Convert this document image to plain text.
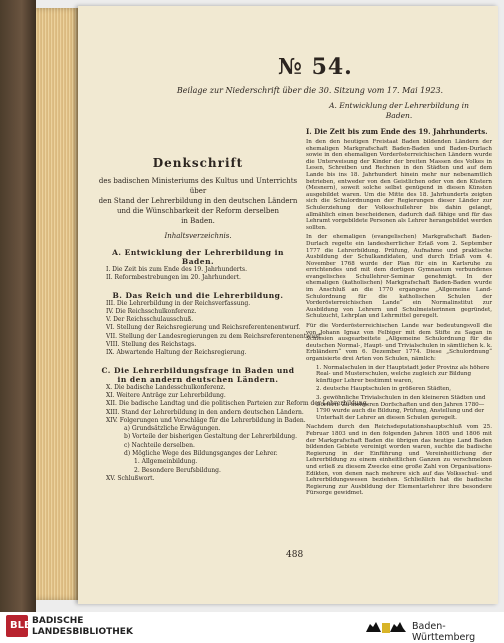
№ 54.
Beilage zur Niederschrift über die 30. Sitzung vom 17. Mai 1923.
Denkschrift
des badischen Ministeriums des Kultus und Unterrichts
über
den Stand der Lehrerbildung in den deutschen Ländern
und die Wünschbarkeit der Reform derselben
in Baden.
Inhaltsverzeichnis.
A. Entwicklung der Lehrerbildung in Baden.
I. Die Zeit bis zum Ende des 19. Jahrhunderts.
II. Reformbestrebungen im 20. Jahrhundert.
B. Das Reich und die Lehrerbildung.
III. Die Lehrerbildung in der Reichsverfassung.
IV. Die Reichsschulkonferenz.
V. Der Reichsschulausschuß.
VI. Stellung der Reichsregierung und Reichsreferentenentwurf.
VII. Stellung der Landesregierungen zu dem Reichsreferentenentwurf.
VIII. Stellung des Reichstags.
IX. Abwartende Haltung der Reichsregierung.
C. Die Lehrerbildungsfrage in Baden und in den andern deutschen Ländern.
X. Die badische Landesschulkonferenz.
XI. Weitere Anträge zur Lehrerbildung.
XII. Die badische Landtag und die politischen Parteien zur Reform der Lehrerbildung.
XIII. Stand der Lehrerbildung in den andern deutschen Ländern.
XIV. Folgerungen und Vorschläge für die Lehrerbildung in Baden.
a) Grundsätzliche Erwägungen.
b) Vorteile der bisherigen Gestaltung der Lehrerbildung.
c) Nachteile derselben.
d) Mögliche Wege des Bildungsganges der Lehrer.
1. Allgemeinbildung.
2. Besondere Berufsbildung.
XV. Schlußwort.
A. Entwicklung der Lehrerbildung in
Baden.
I. Die Zeit bis zum Ende des 19. Jahrhunderts.

In den den heutigen Freistaat Baden bildenden Ländern der ehemaligen Markgrafschaft Baden-Baden und Baden-Durlach sowie in den ehemaligen Vorderösterreichischen Ländern wurde die Unterweisung der Kinder der breiten Massen des Volkes in Lesen, Schreiben und Rechnen in den Städten und auf dem Lande bis ins 18. Jahrhundert hinein mehr nur nebenamtlich betrieben, entweder von den Geistlichen oder von den Küstern (Mesnern), soweit solche selbst genügend in diesen Künsten ausgebildet waren. Um die Mitte des 18. Jahrhunderts zeigten sich die Schulordnungen der Regierungen dieser Länder zur Schulerziehung der Volksschullehrer bis dahin gelangt, allmählich einen bescheidenen, dadurch daß fähige und für das Lehramt vorgebildete Personen als Lehrer herangebildet werden sollten.

In der ehemaligen (evangelischen) Markgrafschaft Baden-Durlach regelte ein landesherrlicher Erlaß vom 2. September 1777 die Lehrerbildung. Prüfung, Aufnahme und praktische Ausbildung der Schulkandidaten, und durch Erlaß vom 4. November 1768 wurde der Plan für ein in Karlsruhe zu errichtendes und mit dem dortigen Gymnasium verbundenes evangelisches Schullehrer-Seminar genehmigt. In der ehemaligen (katholischen) Markgrafschaft Baden-Baden wurde im Anschluß an die 1770 ergangene „Allgemeine Land-Schulordnung für die katholischen Schulen der Vorderösterreichischen Lande“ ein Normalinstitut zur Ausbildung von Lehrern und Schulmeisterinnen gegründet, Schulzucht, Lehrplan und Lehrmittel geregelt.

Für die Vorderösterreichischen Lande war bedeutungsvoll die von Johann Ignaz von Felbiger mit dem Stifte zu Sagan in Schlesien ausgearbeitete „Allgemeine Schulordnung für die deutschen Normal-, Haupt- und Trivialschulen in sämtlichen k. k. Erbländern“ vom 6. Dezember 1774. Diese „Schulordnung“ organisierte drei Arten von Schulen, nämlich:

1. Normalschulen in der Hauptstadt jeder Provinz als höhere Real- und Musterschulen, welche zugleich zur Bildung künftiger Lehrer bestimmt waren,
2. deutsche Hauptschulen in größeren Städten,
3. gewöhnliche Trivialschulen in den kleineren Städten und Dörfern. Zu mehreren Dorfschaften und den Jahren 1780—1790 wurde auch die Bildung, Prüfung, Anstellung und der Unterhalt der Lehrer an diesen Schulen geregelt.

Nachdem durch den Reichsdeputationshauptschluß vom 25. Februar 1803 und in den folgenden Jahren 1805 und 1806 mit der Markgrafschaft Baden die übrigen das heutige Land Baden bildenden Gebiete vereinigt worden waren, suchte die badische Regierung in der Einführung und Vereinheitlichung der Lehrerbildung zu einem einheitlichen Ganzen zu verschmelzen und erließ zu diesem Zwecke eine große Zahl von Organisations-Edikten, von denen nach mehrere sich auf das Volksschul- und Lehrerbildungswesen beziehen. Schließlich hat die badische Regierung zur Ausbildung der Elementarlehrer ihre besondere Fürsorge gewidmet.

488
BLB BADISCHE
LANDESBIBLIOTHEK	Baden-Württemberg
